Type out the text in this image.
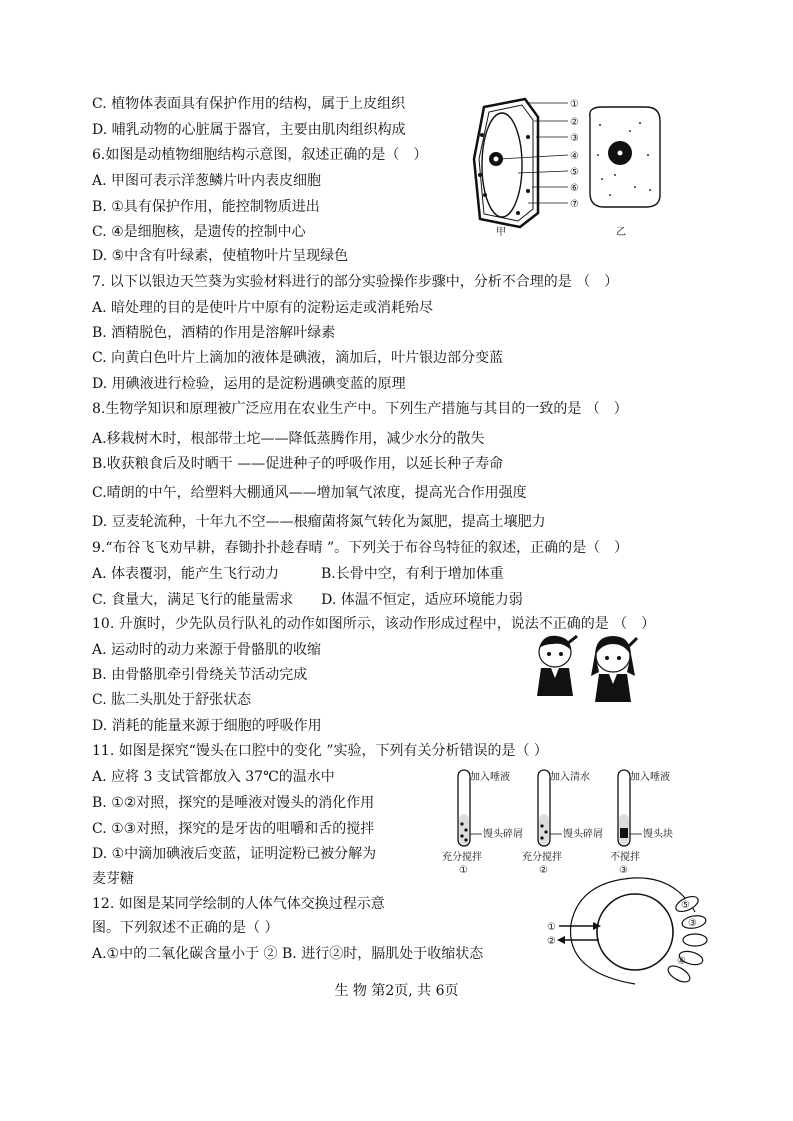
C. 植物体表面具有保护作用的结构，属于上皮组织
D. 哺乳动物的心脏属于器官，主要由肌肉组织构成
6.如图是动植物细胞结构示意图，叙述正确的是（　）
A. 甲图可表示洋葱鳞片叶内表皮细胞
B. ①具有保护作用，能控制物质进出
C. ④是细胞核，是遗传的控制中心
D. ⑤中含有叶绿素，使植物叶片呈现绿色
7. 以下以银边天竺葵为实验材料进行的部分实验操作步骤中，分析不合理的是 （　）
A. 暗处理的目的是使叶片中原有的淀粉运走或消耗殆尽
B. 酒精脱色，酒精的作用是溶解叶绿素
C. 向黄白色叶片上滴加的液体是碘液，滴加后，叶片银边部分变蓝
D. 用碘液进行检验，运用的是淀粉遇碘变蓝的原理
8.生物学知识和原理被广泛应用在农业生产中。下列生产措施与其目的一致的是 （　）
A.移栽树木时，根部带土坨——降低蒸腾作用，减少水分的散失
B.收获粮食后及时晒干 ——促进种子的呼吸作用，以延长种子寿命
C.晴朗的中午，给塑料大棚通风——增加氧气浓度，提高光合作用强度
D. 豆麦轮流种，十年九不空——根瘤菌将氮气转化为氮肥，提高土壤肥力
9.“布谷飞飞劝早耕，春锄扑扑趁春晴 ”。下列关于布谷鸟特征的叙述，正确的是（　）
A. 体表覆羽，能产生飞行动力　　　B.长骨中空，有利于增加体重
C. 食量大，满足飞行的能量需求　　D. 体温不恒定，适应环境能力弱
10. 升旗时，少先队员行队礼的动作如图所示，该动作形成过程中，说法不正确的是 （　）
A. 运动时的动力来源于骨骼肌的收缩
B. 由骨骼肌牵引骨绕关节活动完成
C. 肱二头肌处于舒张状态
D. 消耗的能量来源于细胞的呼吸作用
11. 如图是探究“馒头在口腔中的变化 ”实验，下列有关分析错误的是（ ）
A. 应将 3 支试管都放入 37℃的温水中
B. ①②对照，探究的是唾液对馒头的消化作用
C. ①③对照，探究的是牙齿的咀嚼和舌的搅拌
D. ①中滴加碘液后变蓝，证明淀粉已被分解为
麦芽糖
12. 如图是某同学绘制的人体气体交换过程示意
图。下列叙述不正确的是（ ）
A.①中的二氧化碳含量小于 ② B. 进行②时，膈肌处于收缩状态
①
②
③
④
⑤
⑥
⑦
甲	乙
加入唾液	加入清水	加入唾液
馒头碎屑	馒头碎屑	馒头块
充分搅拌	充分搅拌	不搅拌
①	②	③
①
②
⑤
③
④
生 物 第2页, 共 6页
